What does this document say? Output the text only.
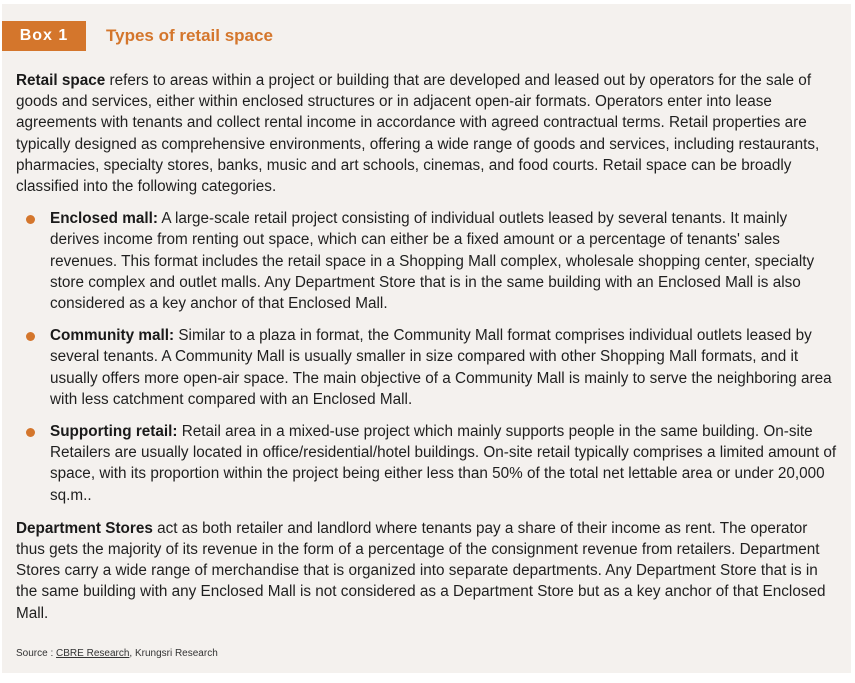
Box 1	Types of retail space

Retail space refers to areas within a project or building that are developed and leased out by operators for the sale of goods and services, either within enclosed structures or in adjacent open-air formats. Operators enter into lease agreements with tenants and collect rental income in accordance with agreed contractual terms. Retail properties are typically designed as comprehensive environments, offering a wide range of goods and services, including restaurants, pharmacies, specialty stores, banks, music and art schools, cinemas, and food courts. Retail space can be broadly classified into the following categories.

Enclosed mall: A large-scale retail project consisting of individual outlets leased by several tenants. It mainly derives income from renting out space, which can either be a fixed amount or a percentage of tenants' sales revenues. This format includes the retail space in a Shopping Mall complex, wholesale shopping center, specialty store complex and outlet malls. Any Department Store that is in the same building with an Enclosed Mall is also considered as a key anchor of that Enclosed Mall.
Community mall: Similar to a plaza in format, the Community Mall format comprises individual outlets leased by several tenants. A Community Mall is usually smaller in size compared with other Shopping Mall formats, and it usually offers more open-air space. The main objective of a Community Mall is mainly to serve the neighboring area with less catchment compared with an Enclosed Mall.
Supporting retail: Retail area in a mixed-use project which mainly supports people in the same building. On-site Retailers are usually located in office/residential/hotel buildings. On-site retail typically comprises a limited amount of space, with its proportion within the project being either less than 50% of the total net lettable area or under 20,000 sq.m..

Department Stores act as both retailer and landlord where tenants pay a share of their income as rent. The operator thus gets the majority of its revenue in the form of a percentage of the consignment revenue from retailers. Department Stores carry a wide range of merchandise that is organized into separate departments. Any Department Store that is in the same building with any Enclosed Mall is not considered as a Department Store but as a key anchor of that Enclosed Mall.

Source : CBRE Research, Krungsri Research
